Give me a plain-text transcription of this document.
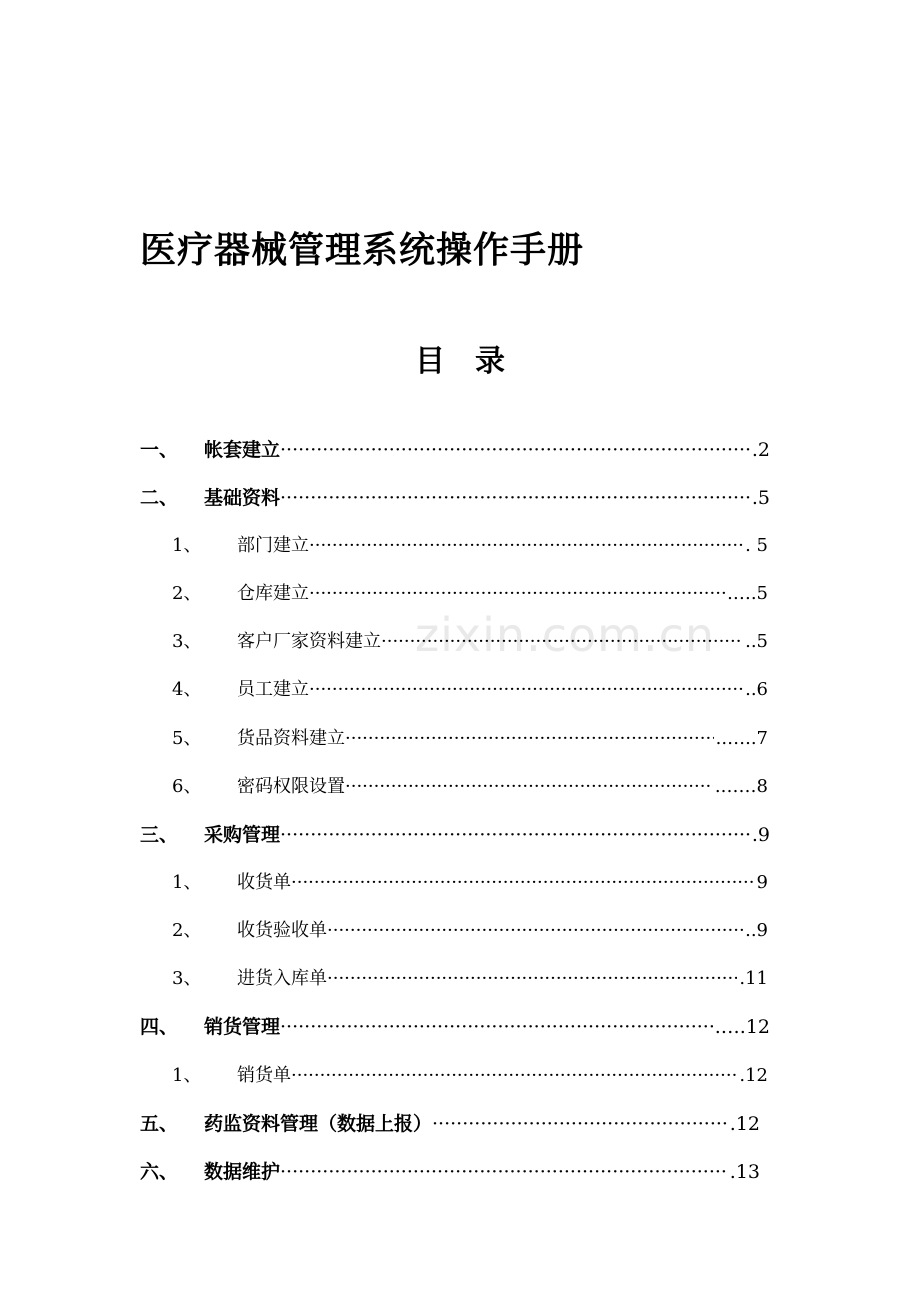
zixin.com.cn
医疗器械管理系统操作手册
目　录
一、	帐套建立 ·····	.2
二、	基础资料 ·····	.5
1、	部门建立 ·····	. 5
2、	仓库建立 ·····	.….5
3、	客户厂家资料建立 ·····	..5
4、	员工建立 ·····	..6
5、	货品资料建立 ·····	..…..7
6、	密码权限设置 ·····	.……8
三、	采购管理 ·····	.9
1、	收货单 ·····	9
2、	收货验收单 ·····	..9
3、	进货入库单 ·····	.11
四、	销货管理 ·····	.….12
1、	销货单 ·····	.12
五、	药监资料管理（数据上报） ·····	.12
六、	数据维护 ·····	.13
